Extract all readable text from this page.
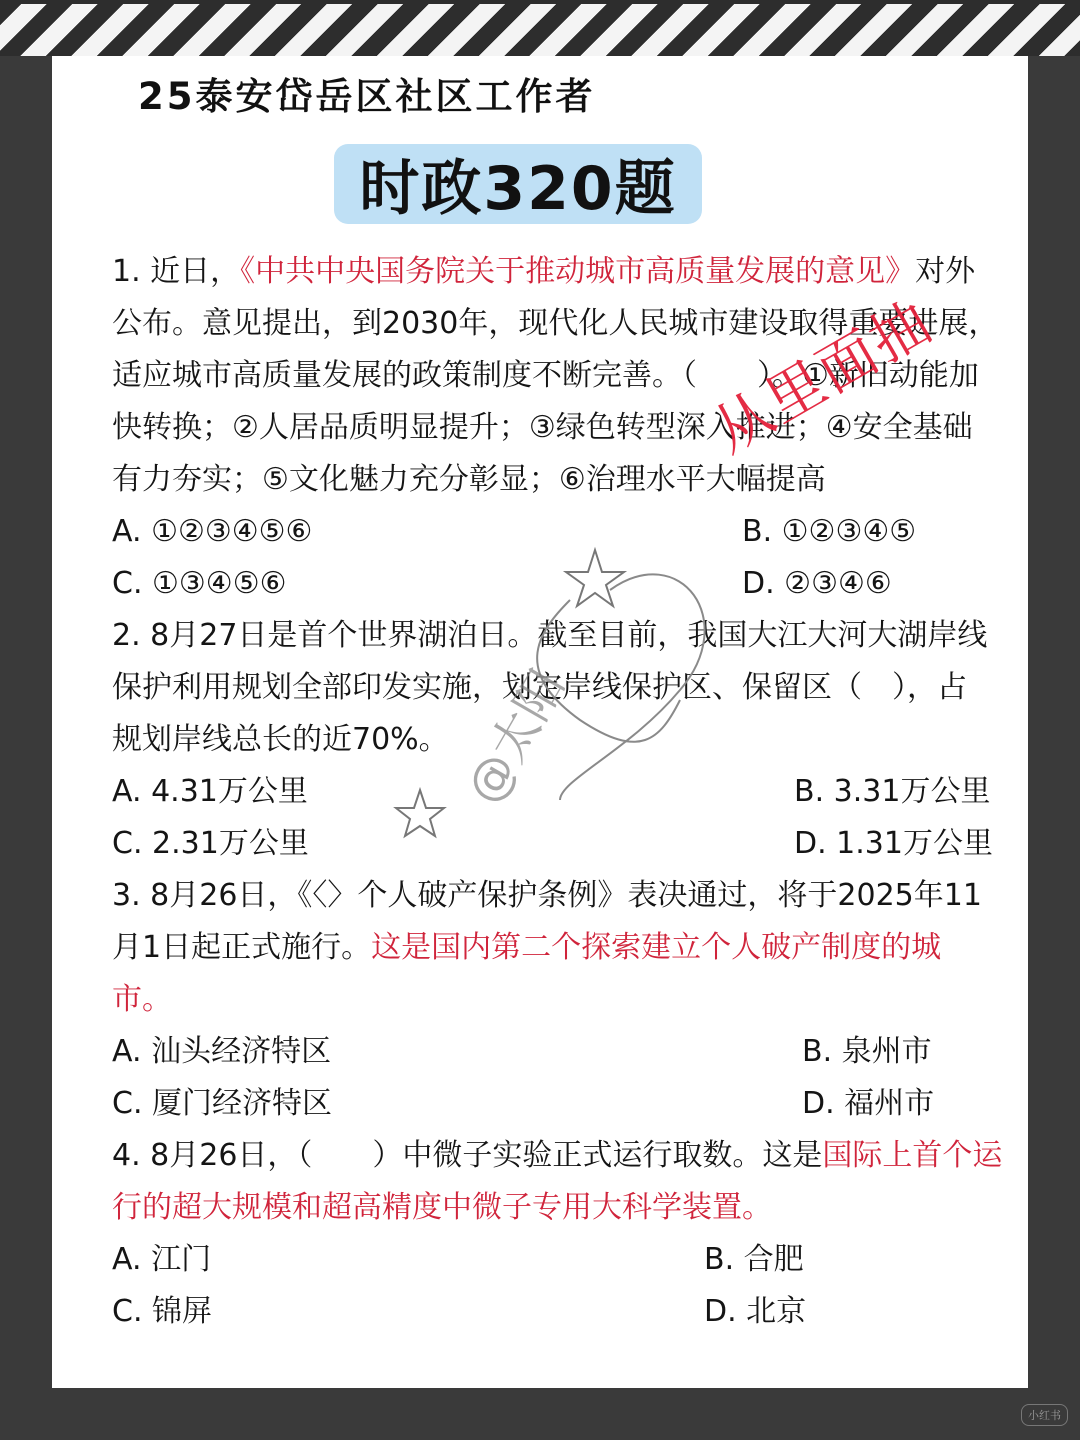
25泰安岱岳区社区工作者
时政320题
1. 近日，《中共中央国务院关于推动城市高质量发展的意见》对外
公布。意见提出，到2030年，现代化人民城市建设取得重要进展，
适应城市高质量发展的政策制度不断完善。（　　）。①新旧动能加
快转换；②人居品质明显提升；③绿色转型深入推进；④安全基础
有力夯实；⑤文化魅力充分彰显；⑥治理水平大幅提高
A. ①②③④⑤⑥	B. ①②③④⑤
C. ①③④⑤⑥	D. ②③④⑥
2. 8月27日是首个世界湖泊日。截至目前，我国大江大河大湖岸线
保护利用规划全部印发实施，划定岸线保护区、保留区（　），占
规划岸线总长的近70%。
A. 4.31万公里	B. 3.31万公里
C. 2.31万公里	D. 1.31万公里
3. 8月26日，《〈〉个人破产保护条例》表决通过，将于2025年11
月1日起正式施行。这是国内第二个探索建立个人破产制度的城
市。
A. 汕头经济特区	B. 泉州市
C. 厦门经济特区	D. 福州市
4. 8月26日，（　　）中微子实验正式运行取数。这是国际上首个运
行的超大规模和超高精度中微子专用大科学装置。
A. 江门	B. 合肥
C. 锦屏	D. 北京
@太阳
从里面抽
小红书
